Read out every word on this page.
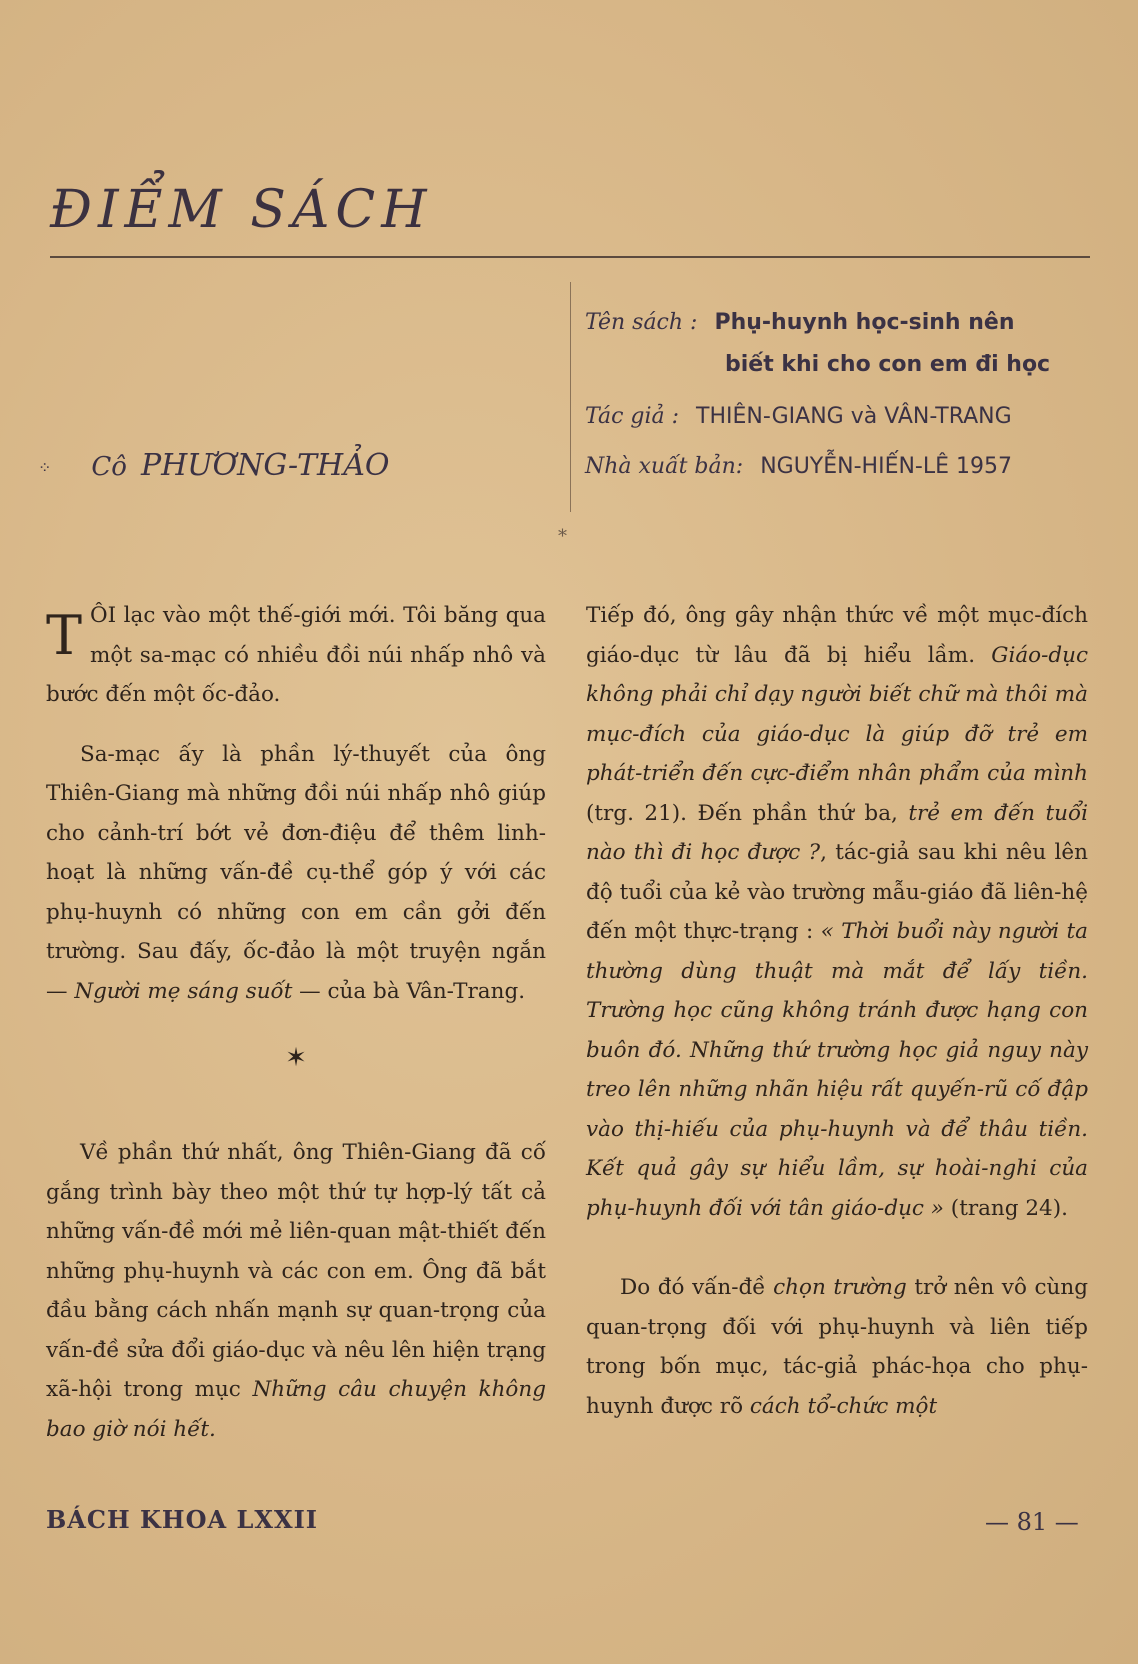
ĐIỂM SÁCH
⁘ Cô PHƯƠNG-THẢO
Tên sách : Phụ-huynh học-sinh nên
biết khi cho con em đi học
Tác giả : THIÊN-GIANG và VÂN-TRANG
Nhà xuất bản: NGUYỄN-HIẾN-LÊ 1957
*

TÔI lạc vào một thế-giới mới. Tôi băng qua một sa-mạc có nhiều đồi núi nhấp nhô và bước đến một ốc-đảo.

Sa-mạc ấy là phần lý-thuyết của ông Thiên-Giang mà những đồi núi nhấp nhô giúp cho cảnh-trí bớt vẻ đơn-điệu để thêm linh-hoạt là những vấn-đề cụ-thể góp ý với các phụ-huynh có những con em cần gởi đến trường. Sau đấy, ốc-đảo là một truyện ngắn — Người mẹ sáng suốt — của bà Vân-Trang.

✶

Về phần thứ nhất, ông Thiên-Giang đã cố gắng trình bày theo một thứ tự hợp-lý tất cả những vấn-đề mới mẻ liên-quan mật-thiết đến những phụ-huynh và các con em. Ông đã bắt đầu bằng cách nhấn mạnh sự quan-trọng của vấn-đề sửa đổi giáo-dục và nêu lên hiện trạng xã-hội trong mục Những câu chuyện không bao giờ nói hết.

Tiếp đó, ông gây nhận thức về một mục-đích giáo-dục từ lâu đã bị hiểu lầm. Giáo-dục không phải chỉ dạy người biết chữ mà thôi mà mục-đích của giáo-dục là giúp đỡ trẻ em phát-triển đến cực-điểm nhân phẩm của mình (trg. 21). Đến phần thứ ba, trẻ em đến tuổi nào thì đi học được ?, tác-giả sau khi nêu lên độ tuổi của kẻ vào trường mẫu-giáo đã liên-hệ đến một thực-trạng : « Thời buổi này người ta thường dùng thuật mà mắt để lấy tiền. Trường học cũng không tránh được hạng con buôn đó. Những thứ trường học giả nguy này treo lên những nhãn hiệu rất quyến-rũ cố đập vào thị-hiếu của phụ-huynh và để thâu tiền. Kết quả gây sự hiểu lầm, sự hoài-nghi của phụ-huynh đối với tân giáo-dục » (trang 24).

Do đó vấn-đề chọn trường trở nên vô cùng quan-trọng đối với phụ-huynh và liên tiếp trong bốn mục, tác-giả phác-họa cho phụ-huynh được rõ cách tổ-chức một

BÁCH KHOA LXXII	— 81 —
